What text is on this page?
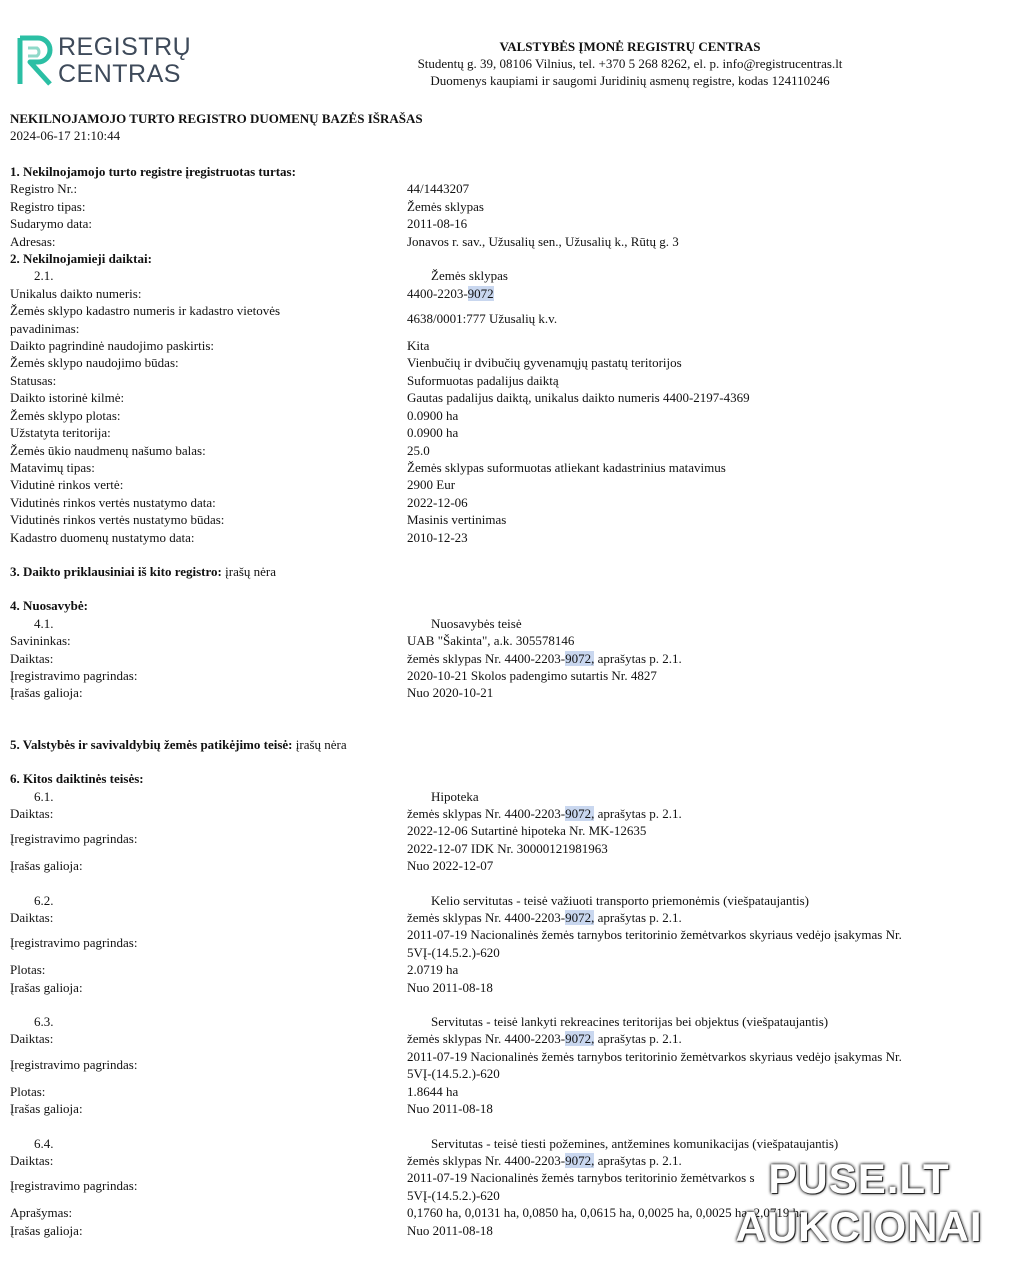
REGISTRŲ
CENTRAS
VALSTYBĖS ĮMONĖ REGISTRŲ CENTRAS
Studentų g. 39, 08106 Vilnius, tel. +370 5 268 8262, el. p. info@registrucentras.lt
Duomenys kaupiami ir saugomi Juridinių asmenų registre, kodas 124110246
NEKILNOJAMOJO TURTO REGISTRO DUOMENŲ BAZĖS IŠRAŠAS
2024-06-17 21:10:44
1. Nekilnojamojo turto registre įregistruotas turtas:
Registro Nr.:	44/1443207
Registro tipas:	Žemės sklypas
Sudarymo data:	2011-08-16
Adresas:	Jonavos r. sav., Užusalių sen., Užusalių k., Rūtų g. 3
2. Nekilnojamieji daiktai:
2.1.	Žemės sklypas
Unikalus daikto numeris:	4400-2203-9072
Žemės sklypo kadastro numeris ir kadastro vietovės
pavadinimas:
4638/0001:777 Užusalių k.v.
Daikto pagrindinė naudojimo paskirtis:	Kita
Žemės sklypo naudojimo būdas:	Vienbučių ir dvibučių gyvenamųjų pastatų teritorijos
Statusas:	Suformuotas padalijus daiktą
Daikto istorinė kilmė:	Gautas padalijus daiktą, unikalus daikto numeris 4400-2197-4369
Žemės sklypo plotas:	0.0900 ha
Užstatyta teritorija:	0.0900 ha
Žemės ūkio naudmenų našumo balas:	25.0
Matavimų tipas:	Žemės sklypas suformuotas atliekant kadastrinius matavimus
Vidutinė rinkos vertė:	2900 Eur
Vidutinės rinkos vertės nustatymo data:	2022-12-06
Vidutinės rinkos vertės nustatymo būdas:	Masinis vertinimas
Kadastro duomenų nustatymo data:	2010-12-23
3. Daikto priklausiniai iš kito registro: įrašų nėra
4. Nuosavybė:
4.1.	Nuosavybės teisė
Savininkas:	UAB "Šakinta", a.k. 305578146
Daiktas:	žemės sklypas Nr. 4400-2203-9072, aprašytas p. 2.1.
Įregistravimo pagrindas:	2020-10-21 Skolos padengimo sutartis Nr. 4827
Įrašas galioja:	Nuo 2020-10-21
5. Valstybės ir savivaldybių žemės patikėjimo teisė: įrašų nėra
6. Kitos daiktinės teisės:
6.1.	Hipoteka
Daiktas:	žemės sklypas Nr. 4400-2203-9072, aprašytas p. 2.1.
Įregistravimo pagrindas:
2022-12-06 Sutartinė hipoteka Nr. MK-12635
2022-12-07 IDK Nr. 30000121981963
Įrašas galioja:	Nuo 2022-12-07
6.2.	Kelio servitutas - teisė važiuoti transporto priemonėmis (viešpataujantis)
Daiktas:	žemės sklypas Nr. 4400-2203-9072, aprašytas p. 2.1.
Įregistravimo pagrindas:
2011-07-19 Nacionalinės žemės tarnybos teritorinio žemėtvarkos skyriaus vedėjo įsakymas Nr.
5VĮ-(14.5.2.)-620
Plotas:	2.0719 ha
Įrašas galioja:	Nuo 2011-08-18
6.3.	Servitutas - teisė lankyti rekreacines teritorijas bei objektus (viešpataujantis)
Daiktas:	žemės sklypas Nr. 4400-2203-9072, aprašytas p. 2.1.
Įregistravimo pagrindas:
2011-07-19 Nacionalinės žemės tarnybos teritorinio žemėtvarkos skyriaus vedėjo įsakymas Nr.
5VĮ-(14.5.2.)-620
Plotas:	1.8644 ha
Įrašas galioja:	Nuo 2011-08-18
6.4.	Servitutas - teisė tiesti požemines, antžemines komunikacijas (viešpataujantis)
Daiktas:	žemės sklypas Nr. 4400-2203-9072, aprašytas p. 2.1.
Įregistravimo pagrindas:
2011-07-19 Nacionalinės žemės tarnybos teritorinio žemėtvarkos s
5VĮ-(14.5.2.)-620
Aprašymas:	0,1760 ha, 0,0131 ha, 0,0850 ha, 0,0615 ha, 0,0025 ha, 0,0025 ha, 2,0719 ha
Įrašas galioja:	Nuo 2011-08-18
PUSE.LT
AUKCIONAI
